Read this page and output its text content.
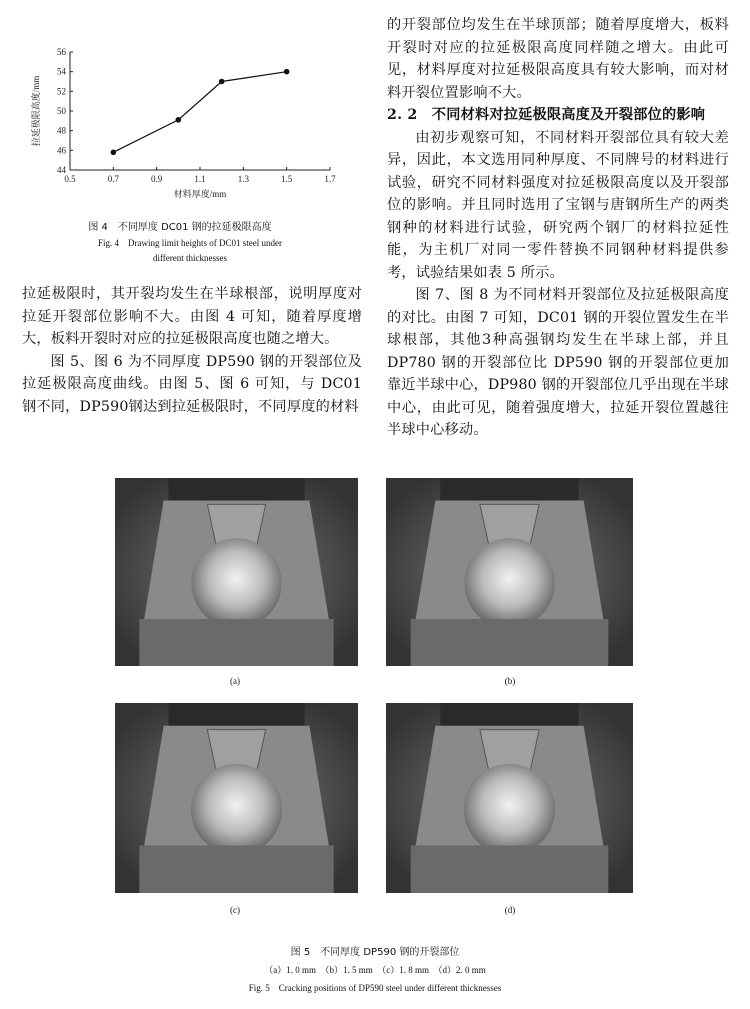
0.5	0.7	0.9	1.1	1.3	1.5	1.7
44
46
48
50
52
54
56
材料厚度/mm
拉延极限高度/mm
图 4　不同厚度 DC01 钢的拉延极限高度
Fig. 4　Drawing limit heights of DC01 steel under
different thicknesses

拉延极限时，其开裂均发生在半球根部，说明厚度对拉延开裂部位影响不大。由图 4 可知，随着厚度增大，板料开裂时对应的拉延极限高度也随之增大。

图 5、图 6 为不同厚度 DP590 钢的开裂部位及拉延极限高度曲线。由图 5、图 6 可知，与 DC01 钢不同，DP590钢达到拉延极限时，不同厚度的材料

的开裂部位均发生在半球顶部；随着厚度增大，板料开裂时对应的拉延极限高度同样随之增大。由此可见，材料厚度对拉延极限高度具有较大影响，而对材料开裂位置影响不大。

2. 2　不同材料对拉延极限高度及开裂部位的影响

由初步观察可知，不同材料开裂部位具有较大差异，因此，本文选用同种厚度、不同牌号的材料进行试验，研究不同材料强度对拉延极限高度以及开裂部位的影响。并且同时选用了宝钢与唐钢所生产的两类钢种的材料进行试验，研究两个钢厂的材料拉延性能，为主机厂对同一零件替换不同钢种材料提供参考，试验结果如表 5 所示。

图 7、图 8 为不同材料开裂部位及拉延极限高度的对比。由图 7 可知，DC01 钢的开裂位置发生在半球根部，其他3种高强钢均发生在半球上部，并且 DP780 钢的开裂部位比 DP590 钢的开裂部位更加靠近半球中心，DP980 钢的开裂部位几乎出现在半球中心，由此可见，随着强度增大，拉延开裂位置越往半球中心移动。

(a)	(b)
(c)	(d)
图 5　不同厚度 DP590 钢的开裂部位
（a）1. 0 mm　（b）1. 5 mm　（c）1. 8 mm　（d）2. 0 mm
Fig. 5　Cracking positions of DP590 steel under different thicknesses
